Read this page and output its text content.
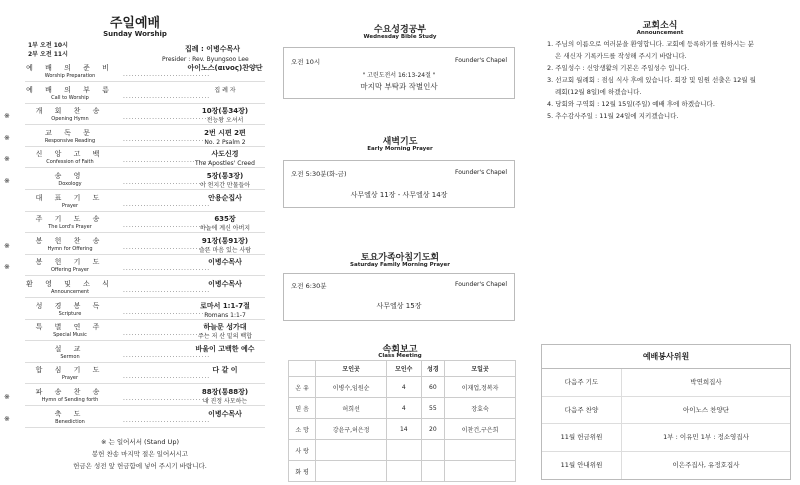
주일예배
Sunday Worship
1부 오전 10시
2부 오전 11시
집례 : 이병수목사
Presider : Rev. Byungsoo Lee
예 배 의 준 비
Worship Preparation	..............................
아이노스(αινος)찬양단
예 배 의 부 름
Call to Worship	..............................
집 례 자
※
개 회 찬 송
Opening Hymn	..............................
10장(통34장)
전능왕 오셔서
※
교 독 문
Responsive Reading	..............................
2번 시편 2편
No. 2 Psalm 2
※
신 앙 고 백
Confession of Faith	..............................
사도신경
The Apostles' Creed
※
송 영
Doxology	..............................
5장(통3장)
이 천지간 만물들아
대 표 기 도
Prayer	..............................
안용순집사
주 기 도 송
The Lord's Prayer	..............................
635장
하늘에 계신 아버지
※
봉 헌 찬 송
Hymn for Offering	..............................
91장(통91장)
슬픈 마음 있는 사람
※
봉 헌 기 도
Offering Prayer	..............................
이병수목사
환 영 및 소 식
Announcement	..............................
이병수목사
성 경 봉 독
Scripture	..............................
로마서 1:1-7절
Romans 1:1-7
특 별 연 주
Special Music	..............................
하늘문 성가대
주는 저 산 밑의 백합
설 교
Sermon	..............................
바울이 고백한 예수
합 심 기 도
Prayer	..............................
다 같 이
※
파 송 찬 송
Hymn of Sending forth	..............................
88장(통88장)
내 진정 사모하는
※
축 도
Benediction	..............................
이병수목사
※ 는 일어서서 (Stand Up)
봉헌 찬송 마지막 절은 일어서시고
헌금은 성전 앞 헌금함에 넣어 주시기 바랍니다.
수요성경공부
Wednesday Bible Study
오전 10시	Founder's Chapel
" 고린도전서 16:13-24절 "
마지막 부탁과 작별인사
새벽기도
Early Morning Prayer
오전 5:30분(화-금)	Founder's Chapel
사무엘상 11장 - 사무엘상 14장
토요가족아침기도회
Saturday Family Morning Prayer
오전 6:30분	Founder's Chapel
사무엘상 15장
속회보고
Class Meeting
	모인곳	모인수	성경	모일곳
온 유	이병수,임원순	4	60	이재업,정복자
믿 음	허희선	4	55	장효숙
소 망	강윤구,허은정	14	20	이찬건,구은희
사 랑				
화 평				
교회소식
Announcement
1. 주님의 이름으로 여러분을 환영합니다. 교회에 등록하기를 원하시는 분
은 새신자 기록카드를 작성해 주시기 바랍니다.
2. 주일성수 : 신앙생활의 기본은 주일성수 입니다.
3. 선교회 월례회 : 점심 식사 후에 있습니다. 회장 및 임원 선출은 12월 월
례회(12월 8일)에 하겠습니다.
4. 당회와 구역회 : 12월 15일(주일) 예배 후에 하겠습니다.
5. 추수감사주일 : 11월 24일에 지키겠습니다.
예배봉사위원
다음주 기도	박연희집사
다음주 찬양	아이노스 찬양단
11월 헌금위원	1부 : 이유민 1부 : 정소영집사
11월 안내위원	이은주집사, 유정호집사
